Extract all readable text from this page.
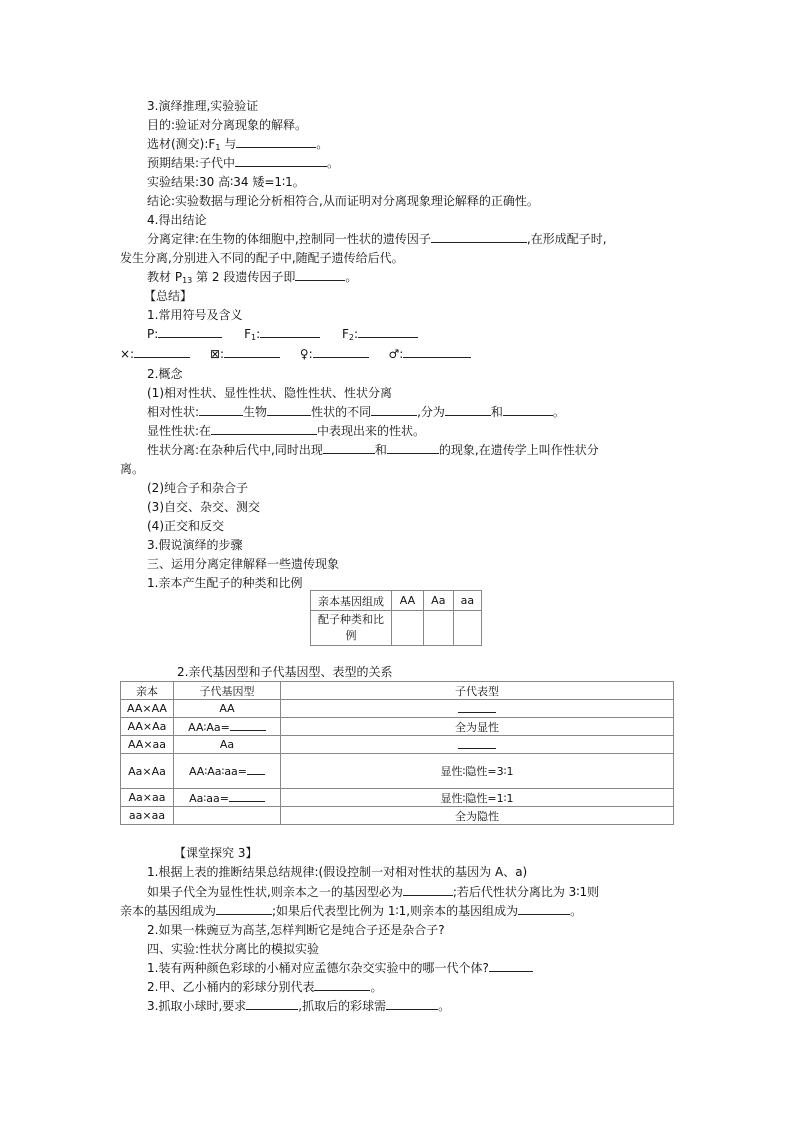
3.演绎推理,实验验证
目的:验证对分离现象的解释。
选材(测交)$:F_1$ 与	。
预期结果:子代中	。
实验结果:30 高∶34 矮=1∶1。
结论:实验数据与理论分析相符合,从而证明对分离现象理论解释的正确性。
4.得出结论
分离定律:在生物的体细胞中,控制同一性状的遗传因子	,在形成配子时,
发生分离,分别进入不同的配子中,随配子遗传给后代。
教材 $P_{13}$ 第 2 段遗传因子即	。
【总结】
1.常用符号及含义
P:	$F_1$:	$F_2$:
×:	⊠:	♀:	♂:
2.概念
(1)相对性状、显性性状、隐性性状、性状分离
相对性状:	生物	性状的不同	,分为	和	。
显性性状:在	中表现出来的性状。
性状分离:在杂种后代中,同时出现	和	的现象,在遗传学上叫作性状分
离。
(2)纯合子和杂合子
(3)自交、杂交、测交
(4)正交和反交
3.假说演绎的步骤
三、运用分离定律解释一些遗传现象
1.亲本产生配子的种类和比例
亲本基因组成	AA	Aa	aa
配子种类和比例			
2.亲代基因型和子代基因型、表型的关系
亲本	子代基因型	子代表型
AA×AA	AA	
AA×Aa	AA∶Aa=	全为显性
AA×aa	Aa	
Aa×Aa	AA∶Aa∶aa=	显性∶隐性=3∶1
Aa×aa	Aa∶aa=	显性∶隐性=1∶1
aa×aa		全为隐性
【课堂探究 3】
1.根据上表的推断结果总结规律:(假设控制一对相对性状的基因为 A、a)
如果子代全为显性性状,则亲本之一的基因型必为	;若后代性状分离比为 3∶1则
亲本的基因组成为	;如果后代表型比例为 1∶1,则亲本的基因组成为	。
2.如果一株豌豆为高茎,怎样判断它是纯合子还是杂合子?
四、实验:性状分离比的模拟实验
1.装有两种颜色彩球的小桶对应孟德尔杂交实验中的哪一代个体?
2.甲、乙小桶内的彩球分别代表	。
3.抓取小球时,要求	,抓取后的彩球需	。
